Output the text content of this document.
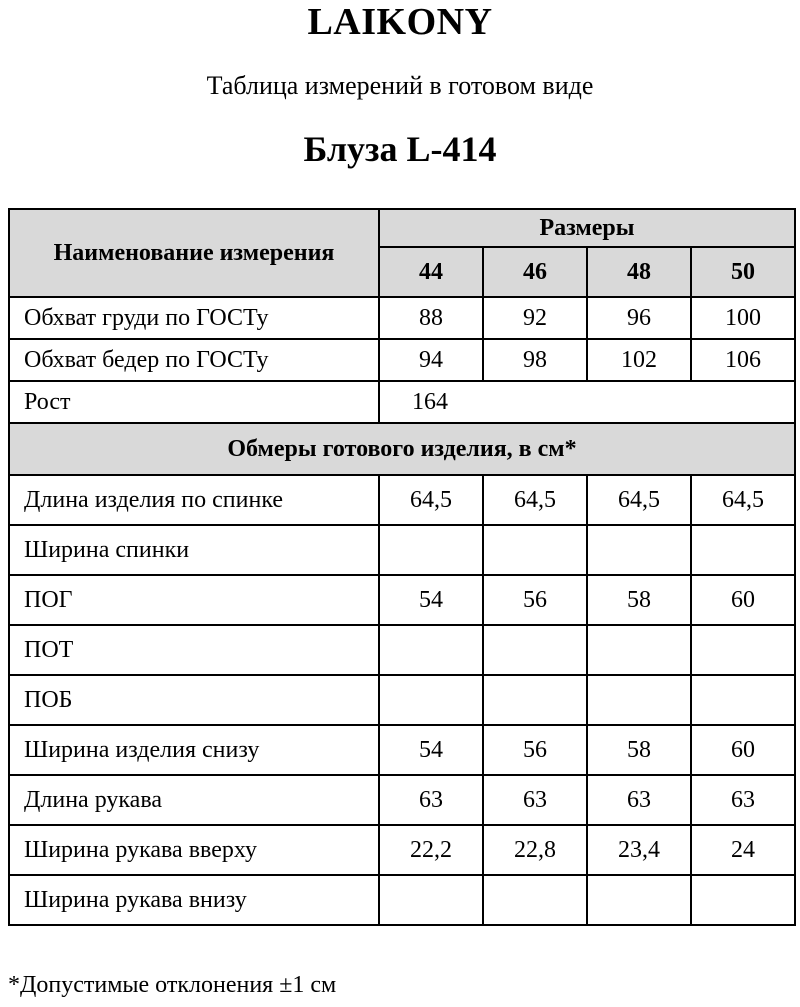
LAIKONY
Таблица измерений в готовом виде
Блуза L-414
Наименование измерения	Размеры			
	44	46	48	50
Обхват груди по ГОСТу	88	92	96	100
Обхват бедер по ГОСТу	94	98	102	106
Рост	164			
Обмеры готового изделия, в см*				
Длина изделия по спинке	64,5	64,5	64,5	64,5
Ширина спинки				
ПОГ	54	56	58	60
ПОТ				
ПОБ				
Ширина изделия снизу	54	56	58	60
Длина рукава	63	63	63	63
Ширина рукава вверху	22,2	22,8	23,4	24
Ширина рукава внизу				
*Допустимые отклонения ±1 см
